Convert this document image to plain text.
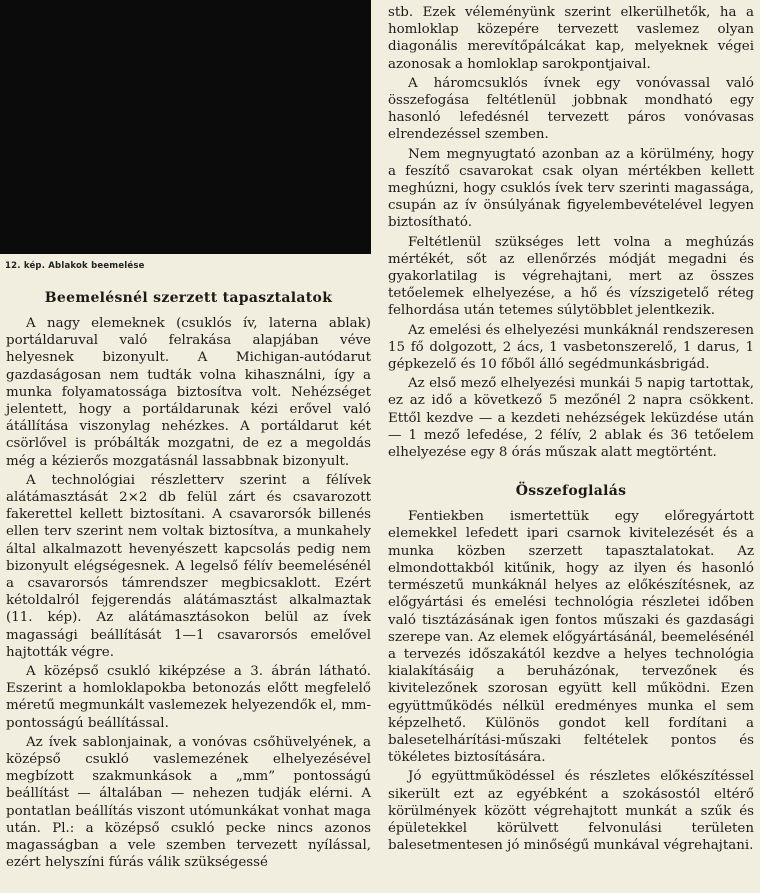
12. kép. Ablakok beemelése
Beemelésnél szerzett tapasztalatok

A nagy elemeknek (csuklós ív, laterna ablak) portáldaruval való felrakása alapjában véve helyesnek bizonyult. A Michigan-autódarut gazdaságosan nem tudták volna kihasználni, így a munka folyamatossága biztosítva volt. Nehézséget jelentett, hogy a portáldarunak kézi erővel való átállítása viszonylag nehézkes. A portáldarut két csörlővel is próbálták mozgatni, de ez a megoldás még a kézierős mozgatásnál lassabbnak bizonyult.

A technológiai részletterv szerint a félívek alátámasztását 2×2 db felül zárt és csavarozott fakerettel kellett biztosítani. A csavarorsók billenés ellen terv szerint nem voltak biztosítva, a munkahely által alkalmazott hevenyészett kapcsolás pedig nem bizonyult elégségesnek. A legelső félív beemelésénél a csavarorsós támrendszer megbicsaklott. Ezért kétoldalról fejgerendás alátámasztást alkalmaztak (11. kép). Az alátámasztásokon belül az ívek magassági beállítását 1—1 csavarorsós emelővel hajtották végre.

A középső csukló kiképzése a 3. ábrán látható. Eszerint a homloklapokba betonozás előtt megfelelő méretű megmunkált vaslemezek helyezendők el, mm-pontosságú beállítással.

Az ívek sablonjainak, a vonóvas csőhüvelyének, a középső csukló vaslemezének elhelyezésével megbízott szakmunkások a „mm” pontosságú beállítást — általában — nehezen tudják elérni. A pontatlan beállítás viszont utómunkákat vonhat maga után. Pl.: a középső csukló pecke nincs azonos magasságban a vele szemben tervezett nyílással, ezért helyszíni fúrás válik szükségessé

stb. Ezek véleményünk szerint elkerülhetők, ha a homloklap közepére tervezett vaslemez olyan diagonális merevítőpálcákat kap, melyeknek végei azonosak a homloklap sarokpontjaival.

A háromcsuklós ívnek egy vonóvassal való összefogása feltétlenül jobbnak mondható egy hasonló lefedésnél tervezett páros vonóvasas elrendezéssel szemben.

Nem megnyugtató azonban az a körülmény, hogy a feszítő csavarokat csak olyan mértékben kellett meghúzni, hogy csuklós ívek terv szerinti magassága, csupán az ív önsúlyának figyelembevételével legyen biztosítható.

Feltétlenül szükséges lett volna a meghúzás mértékét, sőt az ellenőrzés módját megadni és gyakorlatilag is végrehajtani, mert az összes tetőelemek elhelyezése, a hő és vízszigetelő réteg felhordása után tetemes súlytöbblet jelentkezik.

Az emelési és elhelyezési munkáknál rendszeresen 15 fő dolgozott, 2 ács, 1 vasbetonszerelő, 1 darus, 1 gépkezelő és 10 főből álló segédmunkásbrigád.

Az első mező elhelyezési munkái 5 napig tartottak, ez az idő a következő 5 mezőnél 2 napra csökkent. Ettől kezdve — a kezdeti nehézségek leküzdése után — 1 mező lefedése, 2 félív, 2 ablak és 36 tetőelem elhelyezése egy 8 órás műszak alatt megtörtént.

Összefoglalás

Fentiekben ismertettük egy előregyártott elemekkel lefedett ipari csarnok kivitelezését és a munka közben szerzett tapasztalatokat. Az elmondottakból kitűnik, hogy az ilyen és hasonló természetű munkáknál helyes az előkészítésnek, az előgyártási és emelési technológia részletei időben való tisztázásának igen fontos műszaki és gazdasági szerepe van. Az elemek előgyártásánál, beemelésénél a tervezés időszakától kezdve a helyes technológia kialakításáig a beruházónak, tervezőnek és kivitelezőnek szorosan együtt kell működni. Ezen együttműködés nélkül eredményes munka el sem képzelhető. Különös gondot kell fordítani a balesetelhárítási-műszaki feltételek pontos és tökéletes biztosítására.

Jó együttműködéssel és részletes előkészítéssel sikerült ezt az egyébként a szokásostól eltérő körülmények között végrehajtott munkát a szűk és épületekkel körülvett felvonulási területen balesetmentesen jó minőségű munkával végrehajtani.
